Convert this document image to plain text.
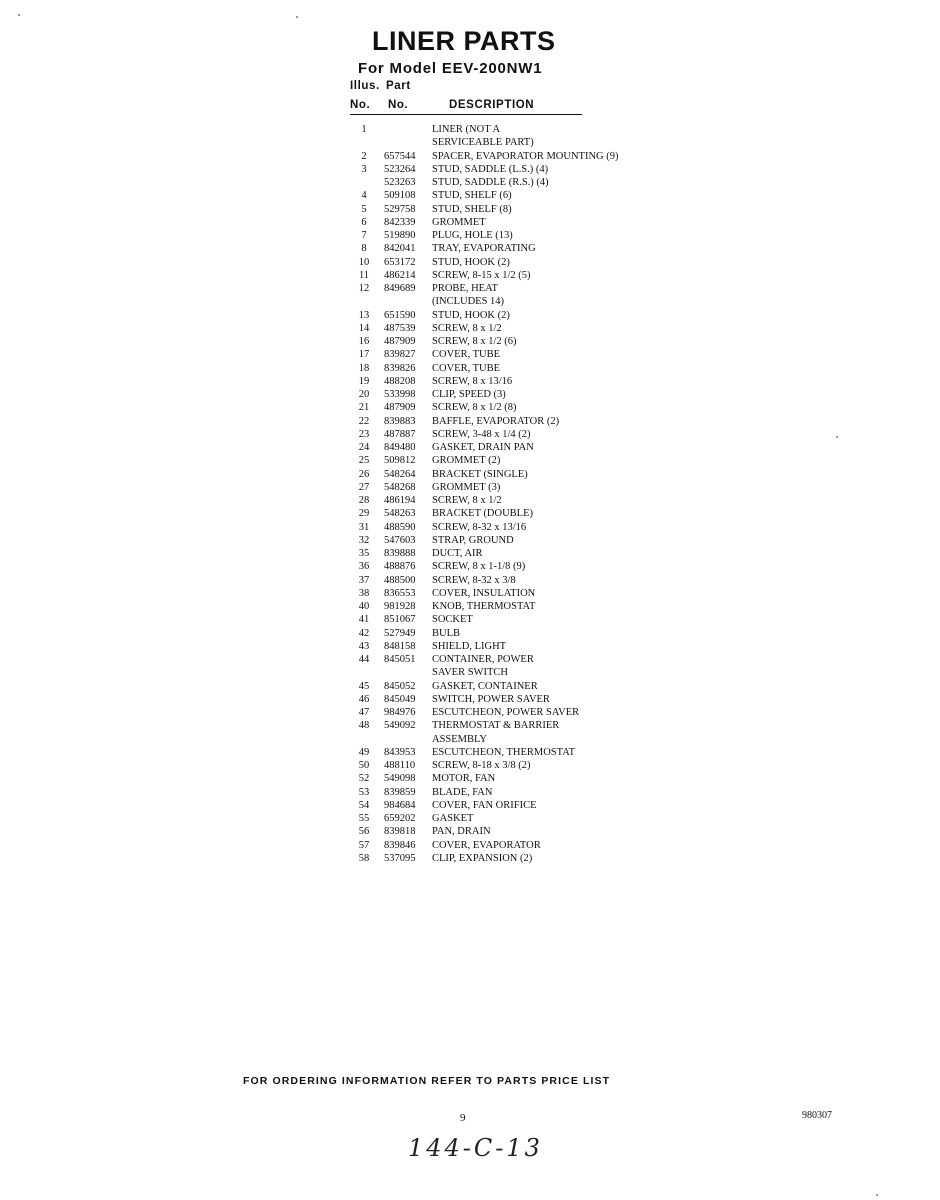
LINER PARTS
For Model EEV-200NW1
Illus. Part
No. No.	DESCRIPTION
1	LINER (NOT A
SERVICEABLE PART)
2	657544 SPACER, EVAPORATOR MOUNTING (9)
3	523264 STUD, SADDLE (L.S.) (4)
523263 STUD, SADDLE (R.S.) (4)
4	509108 STUD, SHELF (6)
5	529758 STUD, SHELF (8)
6	842339 GROMMET
7	519890 PLUG, HOLE (13)
8	842041 TRAY, EVAPORATING
10	653172 STUD, HOOK (2)
11	486214 SCREW, 8-15 x 1/2 (5)
12	849689 PROBE, HEAT
(INCLUDES 14)
13	651590 STUD, HOOK (2)
14	487539 SCREW, 8 x 1/2
16	487909 SCREW, 8 x 1/2 (6)
17	839827 COVER, TUBE
18	839826 COVER, TUBE
19	488208 SCREW, 8 x 13/16
20	533998 CLIP, SPEED (3)
21	487909 SCREW, 8 x 1/2 (8)
22	839883 BAFFLE, EVAPORATOR (2)
23	487887 SCREW, 3-48 x 1/4 (2)
24	849480 GASKET, DRAIN PAN
25	509812 GROMMET (2)
26	548264 BRACKET (SINGLE)
27	548268 GROMMET (3)
28	486194 SCREW, 8 x 1/2
29	548263 BRACKET (DOUBLE)
31	488590 SCREW, 8-32 x 13/16
32	547603 STRAP, GROUND
35	839888 DUCT, AIR
36	488876 SCREW, 8 x 1-1/8 (9)
37	488500 SCREW, 8-32 x 3/8
38	836553 COVER, INSULATION
40	981928 KNOB, THERMOSTAT
41	851067 SOCKET
42	527949 BULB
43	848158 SHIELD, LIGHT
44	845051 CONTAINER, POWER
SAVER SWITCH
45	845052 GASKET, CONTAINER
46	845049 SWITCH, POWER SAVER
47	984976 ESCUTCHEON, POWER SAVER
48	549092 THERMOSTAT & BARRIER
ASSEMBLY
49	843953 ESCUTCHEON, THERMOSTAT
50	488110 SCREW, 8-18 x 3/8 (2)
52	549098 MOTOR, FAN
53	839859 BLADE, FAN
54	984684 COVER, FAN ORIFICE
55	659202 GASKET
56	839818 PAN, DRAIN
57	839846 COVER, EVAPORATOR
58	537095 CLIP, EXPANSION (2)
FOR ORDERING INFORMATION REFER TO PARTS PRICE LIST
9	980307
144-C-13
